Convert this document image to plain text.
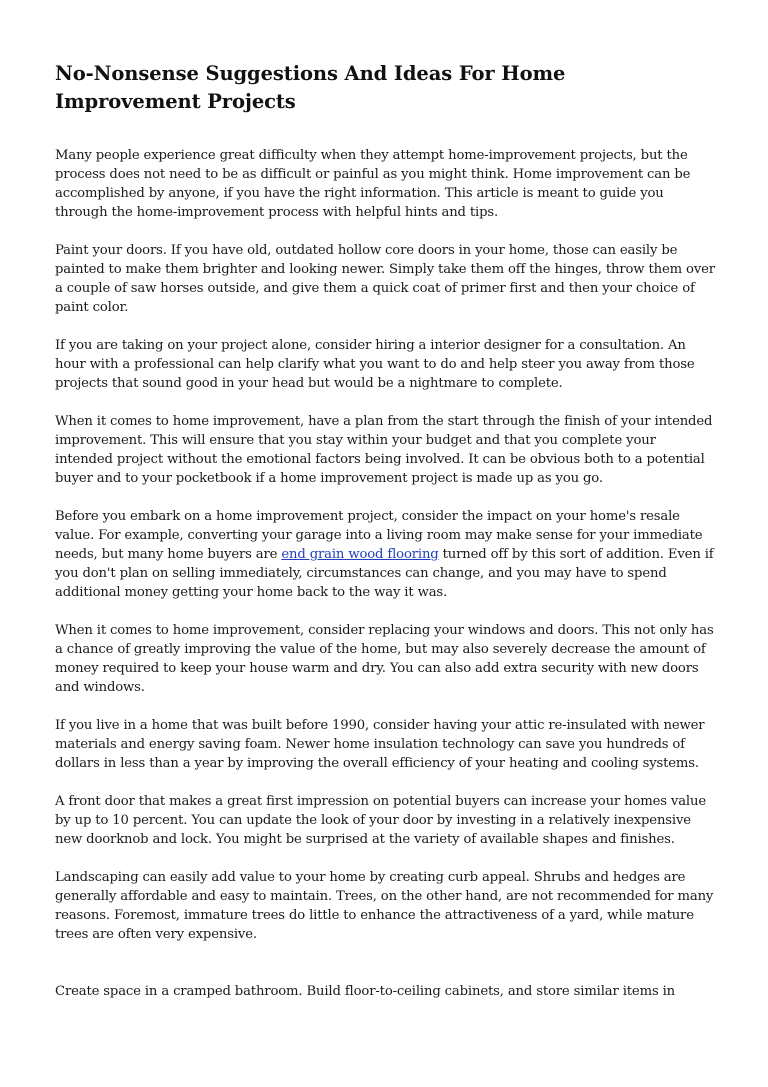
No-Nonsense Suggestions And Ideas For Home Improvement Projects

Many people experience great difficulty when they attempt home-improvement projects, but the process does not need to be as difficult or painful as you might think. Home improvement can be accomplished by anyone, if you have the right information. This article is meant to guide you through the home-improvement process with helpful hints and tips.

Paint your doors. If you have old, outdated hollow core doors in your home, those can easily be painted to make them brighter and looking newer. Simply take them off the hinges, throw them over a couple of saw horses outside, and give them a quick coat of primer first and then your choice of paint color.

If you are taking on your project alone, consider hiring a interior designer for a consultation. An hour with a professional can help clarify what you want to do and help steer you away from those projects that sound good in your head but would be a nightmare to complete.

When it comes to home improvement, have a plan from the start through the finish of your intended improvement. This will ensure that you stay within your budget and that you complete your intended project without the emotional factors being involved. It can be obvious both to a potential buyer and to your pocketbook if a home improvement project is made up as you go.

Before you embark on a home improvement project, consider the impact on your home's resale value. For example, converting your garage into a living room may make sense for your immediate needs, but many home buyers are end grain wood flooring turned off by this sort of addition. Even if you don't plan on selling immediately, circumstances can change, and you may have to spend additional money getting your home back to the way it was.

When it comes to home improvement, consider replacing your windows and doors. This not only has a chance of greatly improving the value of the home, but may also severely decrease the amount of money required to keep your house warm and dry. You can also add extra security with new doors and windows.

If you live in a home that was built before 1990, consider having your attic re-insulated with newer materials and energy saving foam. Newer home insulation technology can save you hundreds of dollars in less than a year by improving the overall efficiency of your heating and cooling systems.

A front door that makes a great first impression on potential buyers can increase your homes value by up to 10 percent. You can update the look of your door by investing in a relatively inexpensive new doorknob and lock. You might be surprised at the variety of available shapes and finishes.

Landscaping can easily add value to your home by creating curb appeal. Shrubs and hedges are generally affordable and easy to maintain. Trees, on the other hand, are not recommended for many reasons. Foremost, immature trees do little to enhance the attractiveness of a yard, while mature trees are often very expensive.

Create space in a cramped bathroom. Build floor-to-ceiling cabinets, and store similar items in
